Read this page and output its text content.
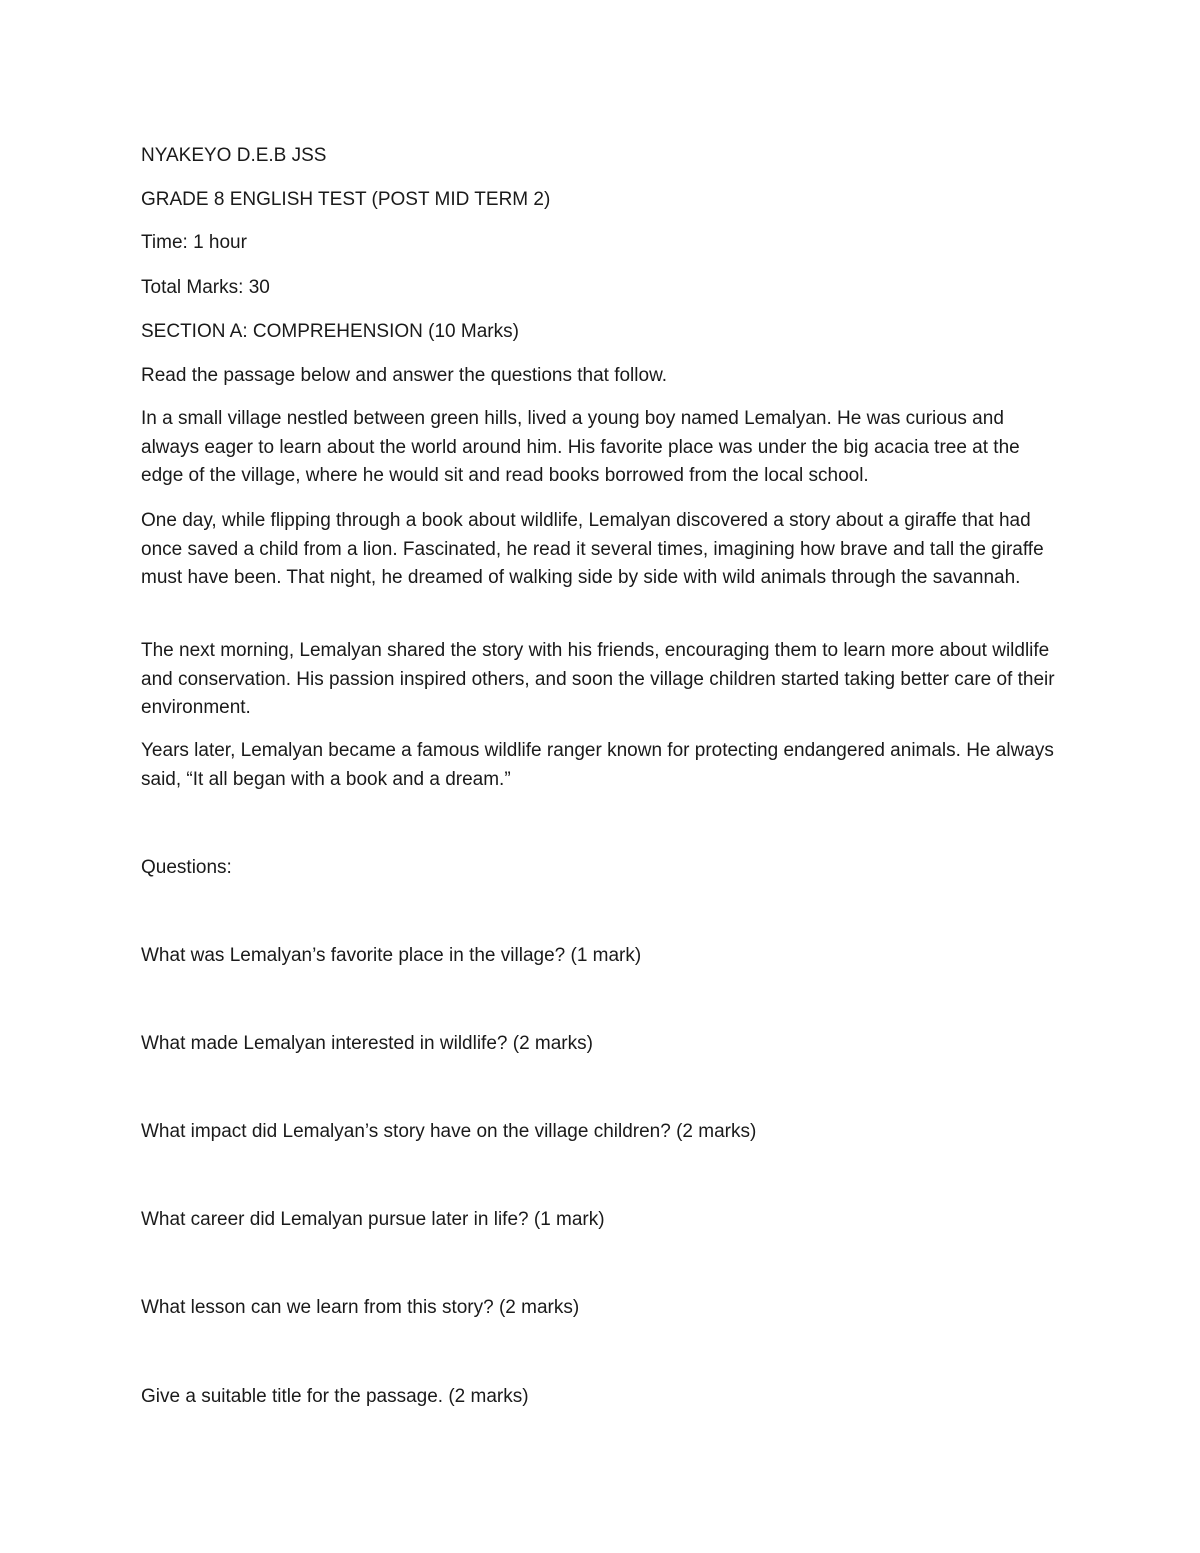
NYAKEYO D.E.B JSS

GRADE 8 ENGLISH TEST (POST MID TERM 2)

Time: 1 hour

Total Marks: 30

SECTION A: COMPREHENSION (10 Marks)

Read the passage below and answer the questions that follow.

In a small village nestled between green hills, lived a young boy named Lemalyan. He was curious and always eager to learn about the world around him. His favorite place was under the big acacia tree at the edge of the village, where he would sit and read books borrowed from the local school.

One day, while flipping through a book about wildlife, Lemalyan discovered a story about a giraffe that had once saved a child from a lion. Fascinated, he read it several times, imagining how brave and tall the giraffe must have been. That night, he dreamed of walking side by side with wild animals through the savannah.

The next morning, Lemalyan shared the story with his friends, encouraging them to learn more about wildlife and conservation. His passion inspired others, and soon the village children started taking better care of their environment.

Years later, Lemalyan became a famous wildlife ranger known for protecting endangered animals. He always said, “It all began with a book and a dream.”

Questions:

What was Lemalyan’s favorite place in the village? (1 mark)

What made Lemalyan interested in wildlife? (2 marks)

What impact did Lemalyan’s story have on the village children? (2 marks)

What career did Lemalyan pursue later in life? (1 mark)

What lesson can we learn from this story? (2 marks)

Give a suitable title for the passage. (2 marks)
